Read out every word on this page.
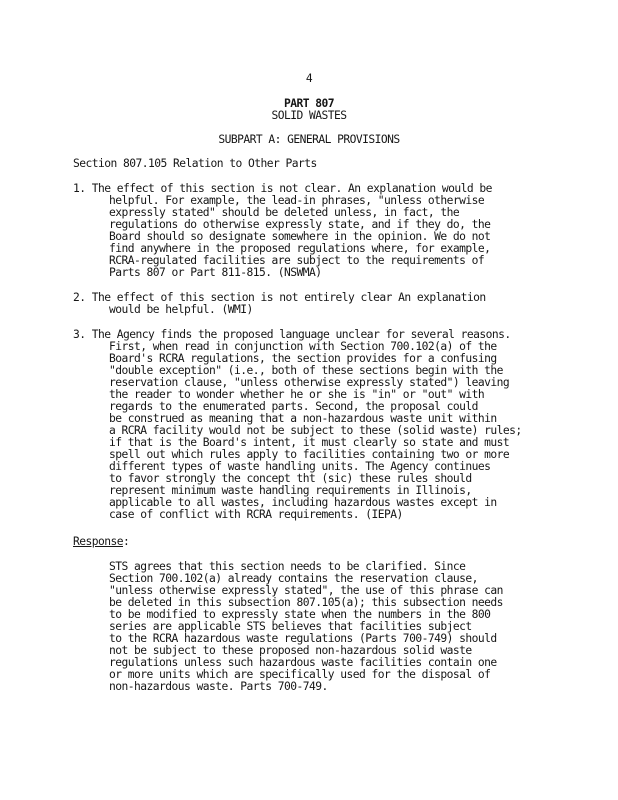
4
PART 807
SOLID WASTES
SUBPART A: GENERAL PROVISIONS
Section 807.105 Relation to Other Parts
1. The effect of this section is not clear. An explanation would be
helpful. For example, the lead-in phrases, "unless otherwise
expressly stated" should be deleted unless, in fact, the
regulations do otherwise expressly state, and if they do, the
Board should so designate somewhere in the opinion. We do not
find anywhere in the proposed regulations where, for example,
RCRA-regulated facilities are subject to the requirements of
Parts 807 or Part 811-815. (NSWMA)
2. The effect of this section is not entirely clear An explanation
would be helpful. (WMI)
3. The Agency finds the proposed language unclear for several reasons.
First, when read in conjunction with Section 700.102(a) of the
Board's RCRA regulations, the section provides for a confusing
"double exception" (i.e., both of these sections begin with the
reservation clause, "unless otherwise expressly stated") leaving
the reader to wonder whether he or she is "in" or "out" with
regards to the enumerated parts. Second, the proposal could
be construed as meaning that a non-hazardous waste unit within
a RCRA facility would not be subject to these (solid waste) rules;
if that is the Board's intent, it must clearly so state and must
spell out which rules apply to facilities containing two or more
different types of waste handling units. The Agency continues
to favor strongly the concept tht (sic) these rules should
represent minimum waste handling requirements in Illinois,
applicable to all wastes, including hazardous wastes except in
case of conflict with RCRA requirements. (IEPA)
Response:
STS agrees that this section needs to be clarified. Since
Section 700.102(a) already contains the reservation clause,
"unless otherwise expressly stated", the use of this phrase can
be deleted in this subsection 807.105(a); this subsection needs
to be modified to expressly state when the numbers in the 800
series are applicable STS believes that facilities subject
to the RCRA hazardous waste regulations (Parts 700-749) should
not be subject to these proposed non-hazardous solid waste
regulations unless such hazardous waste facilities contain one
or more units which are specifically used for the disposal of
non-hazardous waste. Parts 700-749.
